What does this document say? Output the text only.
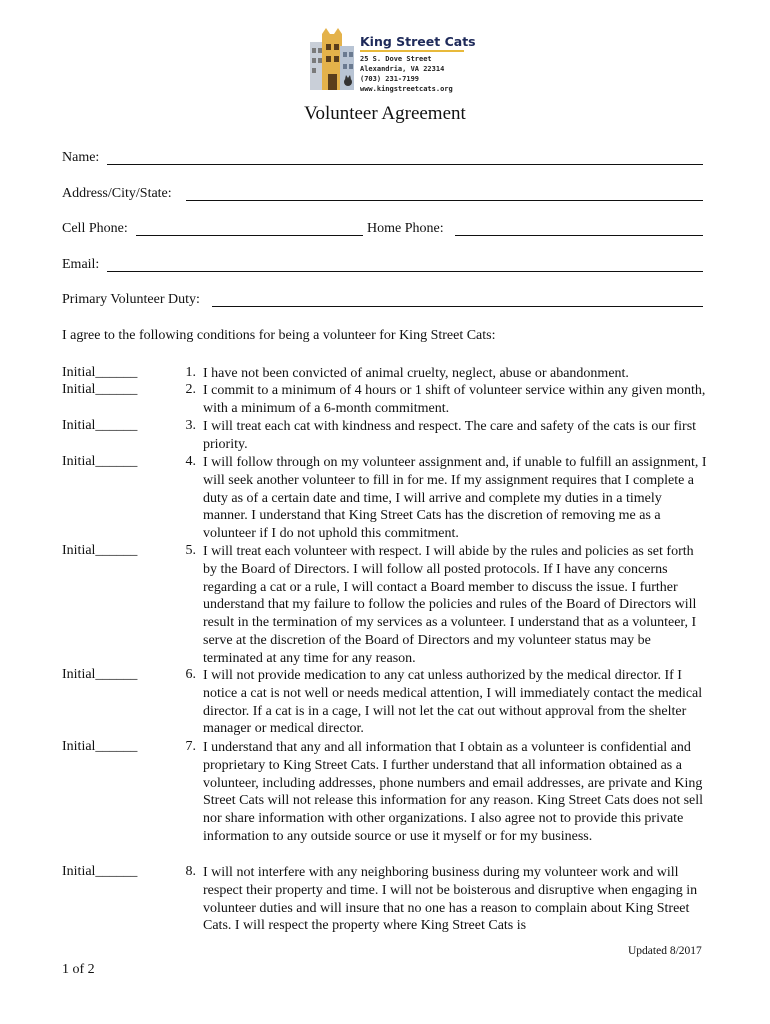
King Street Cats
25 S. Dove Street
Alexandria, VA 22314
(703) 231-7199
www.kingstreetcats.org
Volunteer Agreement
Name:
Address/City/State:
Cell Phone:	Home Phone:
Email:
Primary Volunteer Duty:
I agree to the following conditions for being a volunteer for King Street Cats:
Initial______	1. I have not been convicted of animal cruelty, neglect, abuse or abandonment.
Initial______	2. I commit to a minimum of 4 hours or 1 shift of volunteer service within any given month, with a minimum of a 6-month commitment.
Initial______	3. I will treat each cat with kindness and respect. The care and safety of the cats is our first priority.
Initial______	4. I will follow through on my volunteer assignment and, if unable to fulfill an assignment, I will seek another volunteer to fill in for me. If my assignment requires that I complete a duty as of a certain date and time, I will arrive and complete my duties in a timely manner. I understand that King Street Cats has the discretion of removing me as a volunteer if I do not uphold this commitment.
Initial______	5. I will treat each volunteer with respect. I will abide by the rules and policies as set forth by the Board of Directors. I will follow all posted protocols. If I have any concerns regarding a cat or a rule, I will contact a Board member to discuss the issue. I further understand that my failure to follow the policies and rules of the Board of Directors will result in the termination of my services as a volunteer. I understand that as a volunteer, I serve at the discretion of the Board of Directors and my volunteer status may be terminated at any time for any reason.
Initial______	6. I will not provide medication to any cat unless authorized by the medical director. If I notice a cat is not well or needs medical attention, I will immediately contact the medical director. If a cat is in a cage, I will not let the cat out without approval from the shelter manager or medical director.
Initial______	7. I understand that any and all information that I obtain as a volunteer is confidential and proprietary to King Street Cats. I further understand that all information obtained as a volunteer, including addresses, phone numbers and email addresses, are private and King Street Cats will not release this information for any reason. King Street Cats does not sell nor share information with other organizations. I also agree not to provide this private information to any outside source or use it myself or for my business.
Initial______	8. I will not interfere with any neighboring business during my volunteer work and will respect their property and time. I will not be boisterous and disruptive when engaging in volunteer duties and will insure that no one has a reason to complain about King Street Cats. I will respect the property where King Street Cats is
Updated 8/2017
1 of 2
